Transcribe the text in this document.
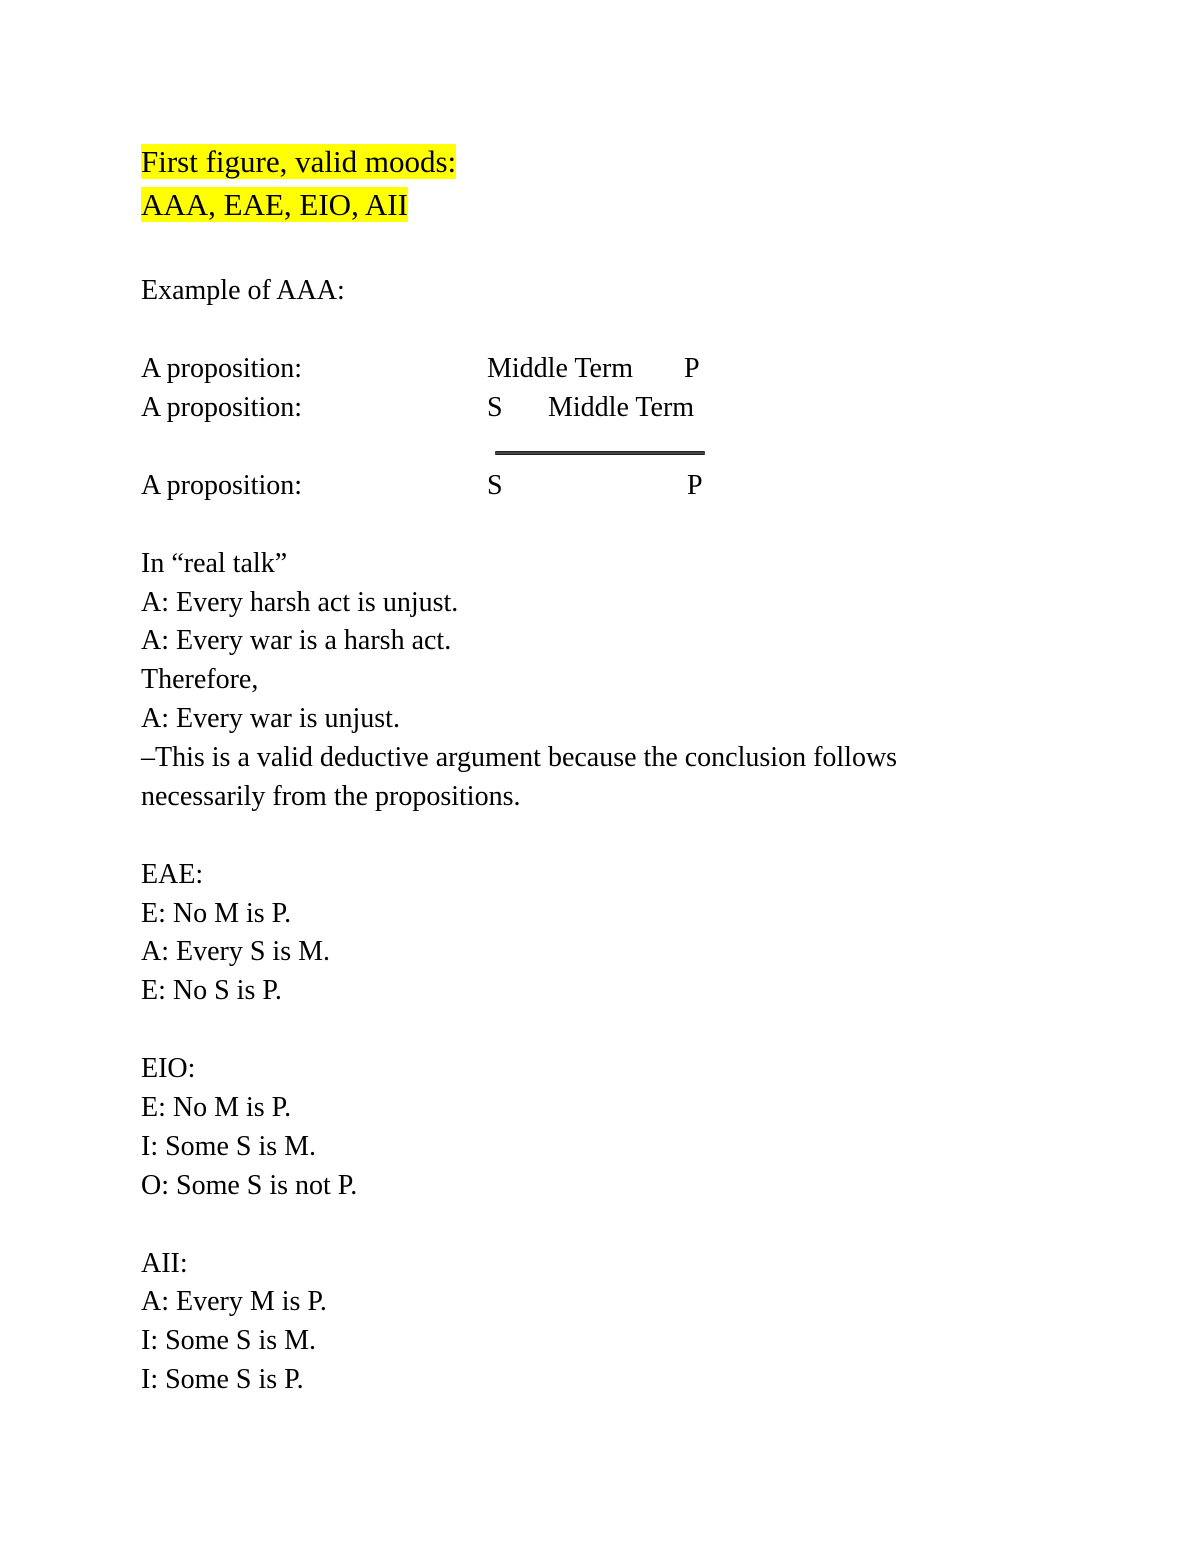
First figure, valid moods:
AAA, EAE, EIO, AII
Example of AAA:
A proposition:	Middle Term P
A proposition:	S Middle Term
A proposition:	S	P
In “real talk”
A: Every harsh act is unjust.
A: Every war is a harsh act.
Therefore,
A: Every war is unjust.
–This is a valid deductive argument because the conclusion follows
necessarily from the propositions.
EAE:
E: No M is P.
A: Every S is M.
E: No S is P.
EIO:
E: No M is P.
I: Some S is M.
O: Some S is not P.
AII:
A: Every M is P.
I: Some S is M.
I: Some S is P.
